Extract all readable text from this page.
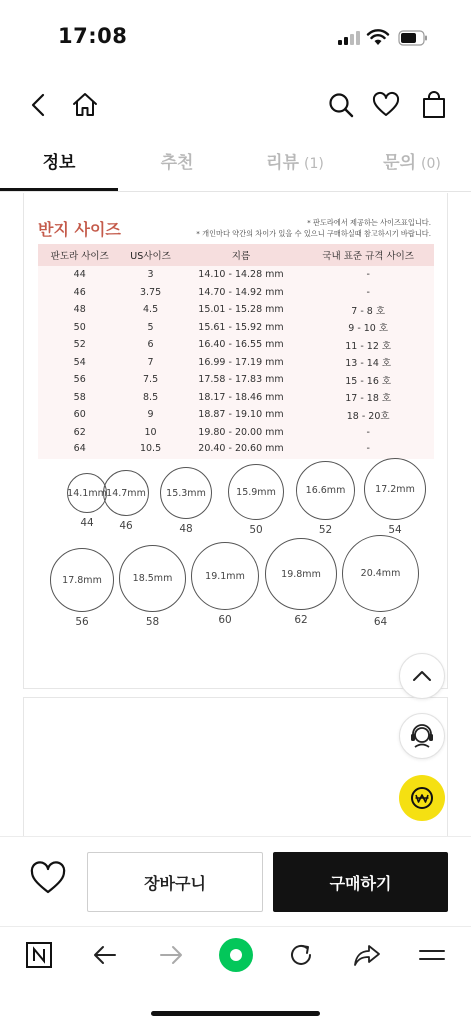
17:08
정보	추천	리뷰 (1)	문의 (0)
반지 사이즈	* 판도라에서 제공하는 사이즈표입니다.
* 개인마다 약간의 차이가 있을 수 있으니 구매하실때 참고하시기 바랍니다.
판도라 사이즈	US사이즈	지름	국내 표준 규격 사이즈
44	3	14.10 - 14.28 mm	-
46	3.75	14.70 - 14.92 mm	-
48	4.5	15.01 - 15.28 mm	7 - 8 호
50	5	15.61 - 15.92 mm	9 - 10 호
52	6	16.40 - 16.55 mm	11 - 12 호
54	7	16.99 - 17.19 mm	13 - 14 호
56	7.5	17.58 - 17.83 mm	15 - 16 호
58	8.5	18.17 - 18.46 mm	17 - 18 호
60	9	18.87 - 19.10 mm	18 - 20호
62	10	19.80 - 20.00 mm	-
64	10.5	20.40 - 20.60 mm	-
14.1mm
44
14.7mm
46
15.3mm
48
15.9mm
50
16.6mm
52
17.2mm
54
17.8mm
56
18.5mm
58
19.1mm
60
19.8mm
62
20.4mm
64
장바구니	구매하기
